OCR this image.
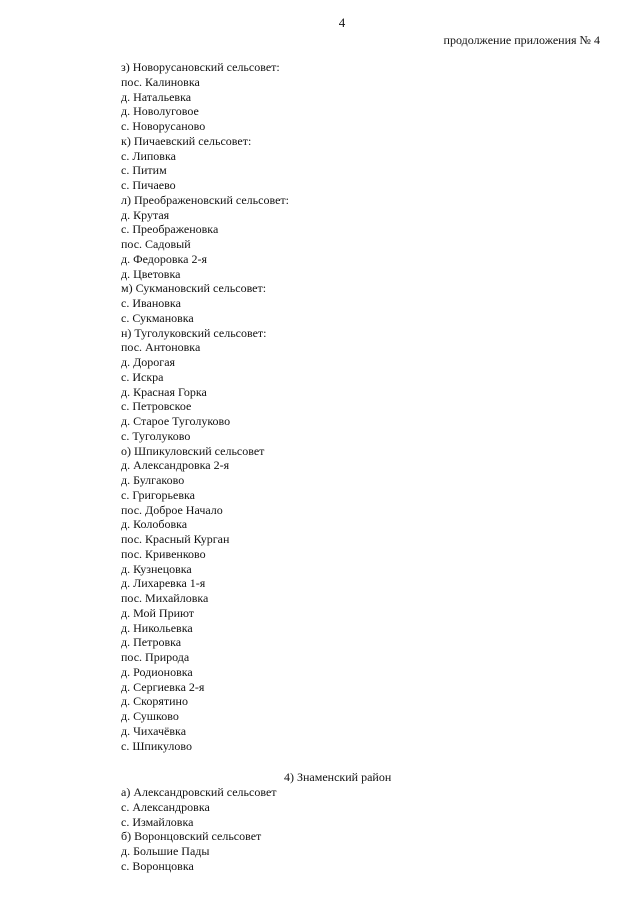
4
продолжение приложения № 4
з) Новорусановский сельсовет:
пос. Калиновка
д. Натальевка
д. Новолуговое
с. Новорусаново
к) Пичаевский сельсовет:
с. Липовка
с. Питим
с. Пичаево
л) Преображеновский сельсовет:
д. Крутая
с. Преображеновка
пос. Садовый
д. Федоровка 2-я
д. Цветовка
м) Сукмановский сельсовет:
с. Ивановка
с. Сукмановка
н) Туголуковский сельсовет:
пос. Антоновка
д. Дорогая
с. Искра
д. Красная Горка
с. Петровское
д. Старое Туголуково
с. Туголуково
о) Шпикуловский сельсовет
д. Александровка 2-я
д. Булгаково
с. Григорьевка
пос. Доброе Начало
д. Колобовка
пос. Красный Курган
пос. Кривенково
д. Кузнецовка
д. Лихаревка 1-я
пос. Михайловка
д. Мой Приют
д. Никольевка
д. Петровка
пос. Природа
д. Родионовка
д. Сергиевка 2-я
д. Скорятино
д. Сушково
д. Чихачёвка
с. Шпикулово
4) Знаменский район
а) Александровский сельсовет
с. Александровка
с. Измайловка
б) Воронцовский сельсовет
д. Большие Пады
с. Воронцовка
